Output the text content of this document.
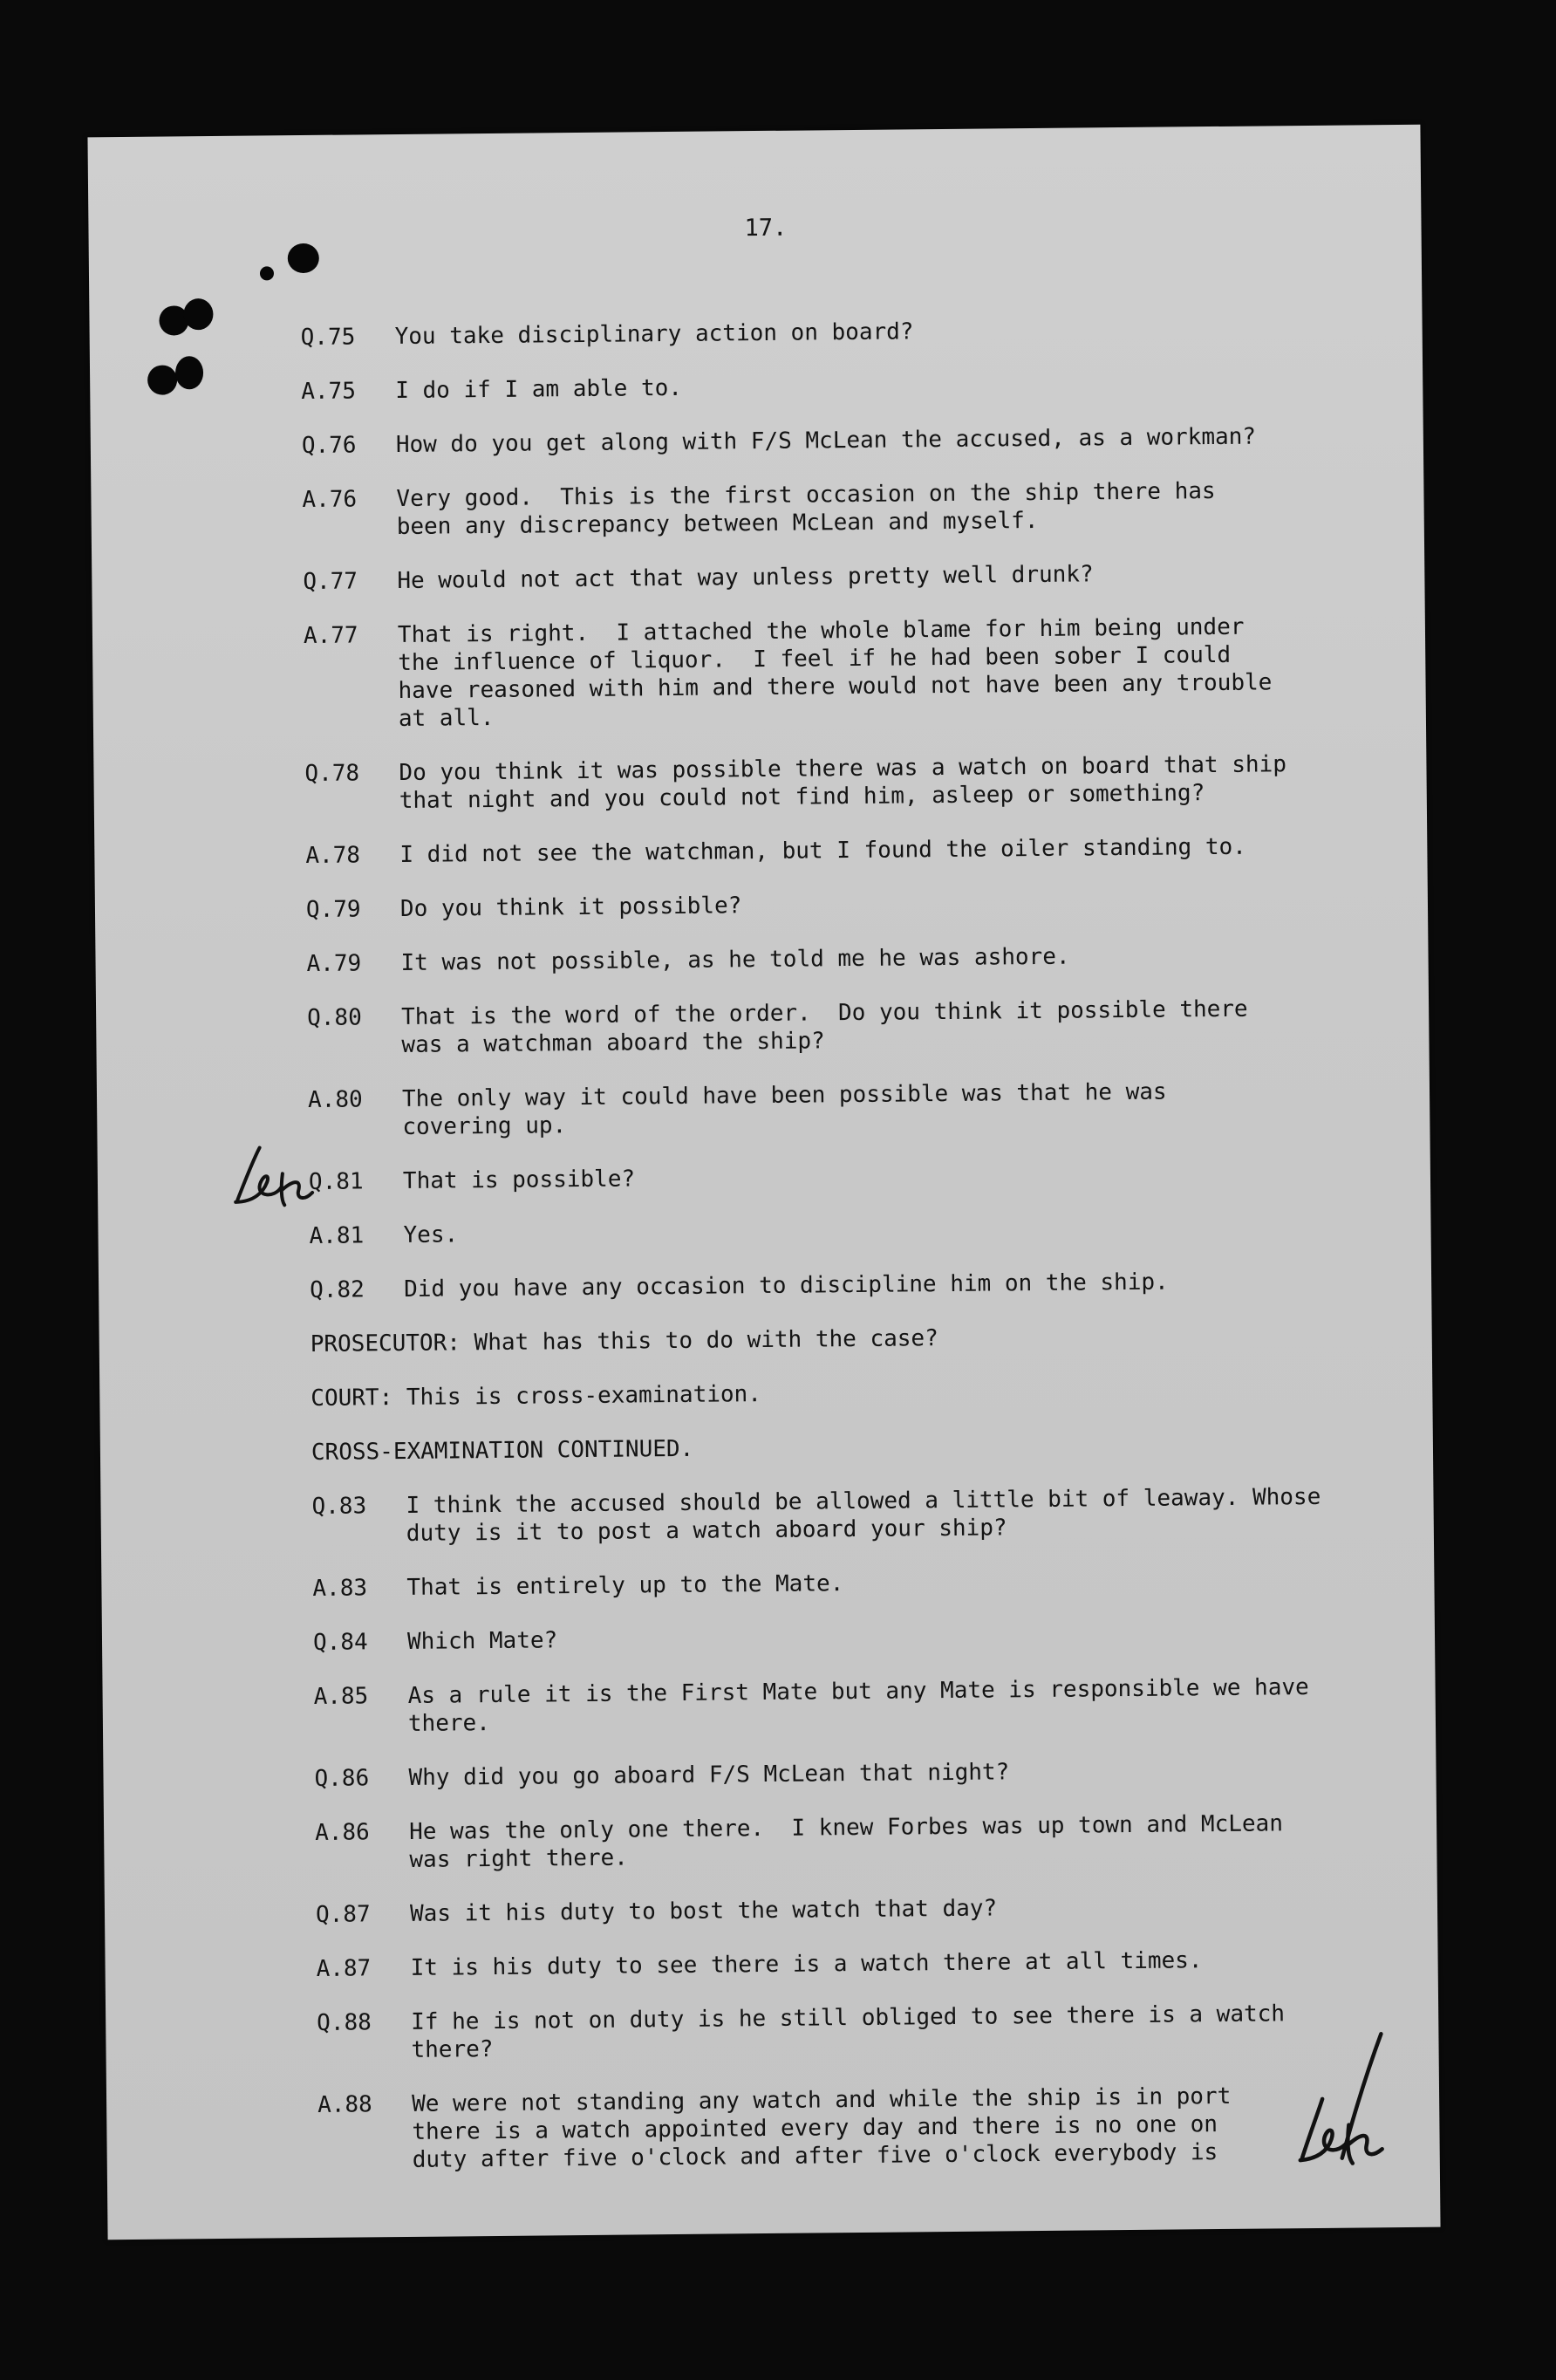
17.
Q.75	You take disciplinary action on board?
A.75	I do if I am able to.
Q.76	How do you get along with F/S McLean the accused, as a workman?
A.76	Very good.  This is the first occasion on the ship there has
been any discrepancy between McLean and myself.
Q.77	He would not act that way unless pretty well drunk?
A.77	That is right.  I attached the whole blame for him being under
the influence of liquor.  I feel if he had been sober I could
have reasoned with him and there would not have been any trouble
at all.
Q.78	Do you think it was possible there was a watch on board that ship
that night and you could not find him, asleep or something?
A.78	I did not see the watchman, but I found the oiler standing to.
Q.79	Do you think it possible?
A.79	It was not possible, as he told me he was ashore.
Q.80	That is the word of the order.  Do you think it possible there
was a watchman aboard the ship?
A.80	The only way it could have been possible was that he was
covering up.
Q.81	That is possible?
A.81	Yes.
Q.82	Did you have any occasion to discipline him on the ship.
PROSECUTOR: What has this to do with the case?
COURT: This is cross-examination.
CROSS-EXAMINATION CONTINUED.
Q.83	I think the accused should be allowed a little bit of leaway. Whose
duty is it to post a watch aboard your ship?
A.83	That is entirely up to the Mate.
Q.84	Which Mate?
A.85	As a rule it is the First Mate but any Mate is responsible we have
there.
Q.86	Why did you go aboard F/S McLean that night?
A.86	He was the only one there.  I knew Forbes was up town and McLean
was right there.
Q.87	Was it his duty to bost the watch that day?
A.87	It is his duty to see there is a watch there at all times.
Q.88	If he is not on duty is he still obliged to see there is a watch
there?
A.88	We were not standing any watch and while the ship is in port
there is a watch appointed every day and there is no one on
duty after five o'clock and after five o'clock everybody is
